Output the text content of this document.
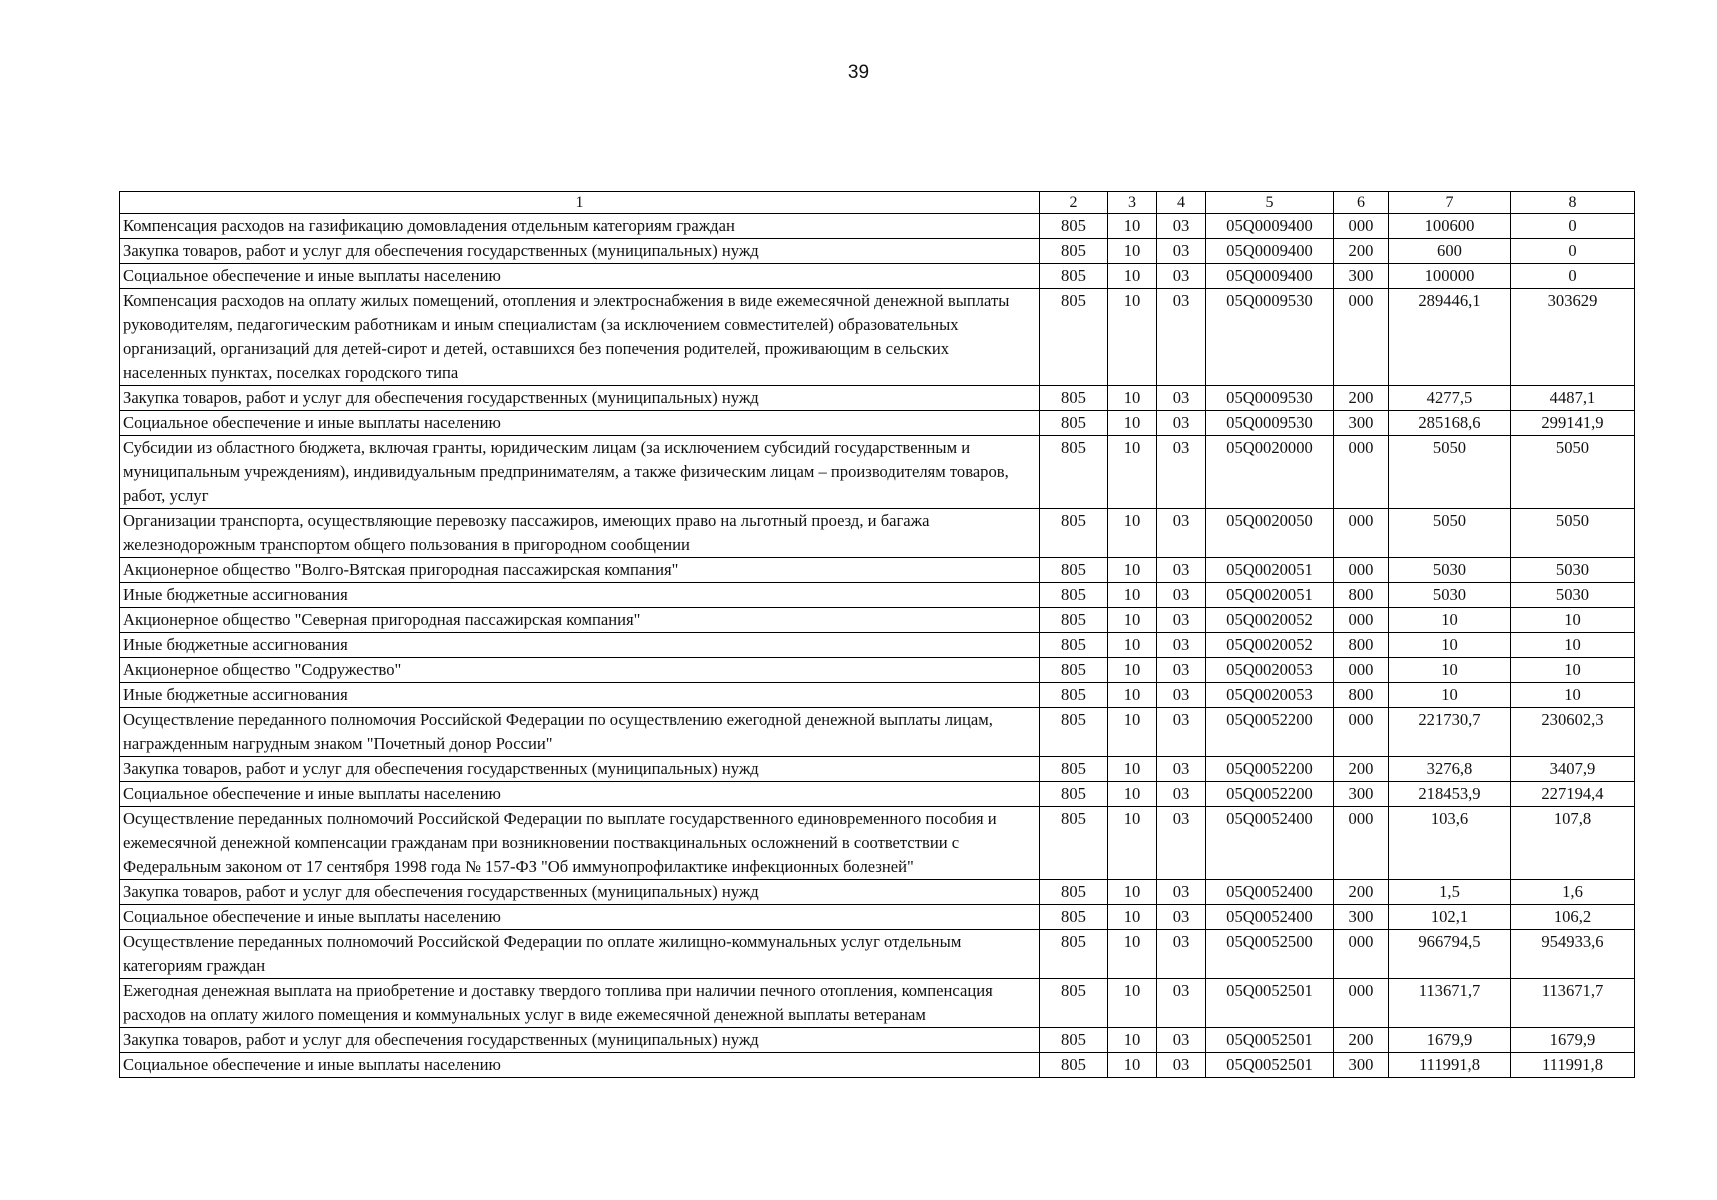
39
1	2	3	4	5	6	7	8
Компенсация расходов на газификацию домовладения отдельным категориям граждан	805	10	03	05Q0009400	000	100600	0
Закупка товаров, работ и услуг для обеспечения государственных (муниципальных) нужд	805	10	03	05Q0009400	200	600	0
Социальное обеспечение и иные выплаты населению	805	10	03	05Q0009400	300	100000	0
Компенсация расходов на оплату жилых помещений, отопления и электроснабжения в виде ежемесячной денежной выплаты руководителям, педагогическим работникам и иным специалистам (за исключением совместителей) образовательных организаций, организаций для детей-сирот и детей, оставшихся без попечения родителей, проживающим в сельских населенных пунктах, поселках городского типа	805	10	03	05Q0009530	000	289446,1	303629
Закупка товаров, работ и услуг для обеспечения государственных (муниципальных) нужд	805	10	03	05Q0009530	200	4277,5	4487,1
Социальное обеспечение и иные выплаты населению	805	10	03	05Q0009530	300	285168,6	299141,9
Субсидии из областного бюджета, включая гранты, юридическим лицам (за исключением субсидий государственным и муниципальным учреждениям), индивидуальным предпринимателям, а также физическим лицам – производителям товаров, работ, услуг	805	10	03	05Q0020000	000	5050	5050
Организации транспорта, осуществляющие перевозку пассажиров, имеющих право на льготный проезд, и багажа железнодорожным транспортом общего пользования в пригородном сообщении	805	10	03	05Q0020050	000	5050	5050
Акционерное общество "Волго-Вятская пригородная пассажирская компания"	805	10	03	05Q0020051	000	5030	5030
Иные бюджетные ассигнования	805	10	03	05Q0020051	800	5030	5030
Акционерное общество "Северная пригородная пассажирская компания"	805	10	03	05Q0020052	000	10	10
Иные бюджетные ассигнования	805	10	03	05Q0020052	800	10	10
Акционерное общество "Содружество"	805	10	03	05Q0020053	000	10	10
Иные бюджетные ассигнования	805	10	03	05Q0020053	800	10	10
Осуществление переданного полномочия Российской Федерации по осуществлению ежегодной денежной выплаты лицам, награжденным нагрудным знаком "Почетный донор России"	805	10	03	05Q0052200	000	221730,7	230602,3
Закупка товаров, работ и услуг для обеспечения государственных (муниципальных) нужд	805	10	03	05Q0052200	200	3276,8	3407,9
Социальное обеспечение и иные выплаты населению	805	10	03	05Q0052200	300	218453,9	227194,4
Осуществление переданных полномочий Российской Федерации по выплате государственного единовременного пособия и ежемесячной денежной компенсации гражданам при возникновении поствакцинальных осложнений в соответствии с Федеральным законом от 17 сентября 1998 года № 157-ФЗ "Об иммунопрофилактике инфекционных болезней"	805	10	03	05Q0052400	000	103,6	107,8
Закупка товаров, работ и услуг для обеспечения государственных (муниципальных) нужд	805	10	03	05Q0052400	200	1,5	1,6
Социальное обеспечение и иные выплаты населению	805	10	03	05Q0052400	300	102,1	106,2
Осуществление переданных полномочий Российской Федерации по оплате жилищно-коммунальных услуг отдельным категориям граждан	805	10	03	05Q0052500	000	966794,5	954933,6
Ежегодная денежная выплата на приобретение и доставку твердого топлива при наличии печного отопления, компенсация расходов на оплату жилого помещения и коммунальных услуг в виде ежемесячной денежной выплаты ветеранам	805	10	03	05Q0052501	000	113671,7	113671,7
Закупка товаров, работ и услуг для обеспечения государственных (муниципальных) нужд	805	10	03	05Q0052501	200	1679,9	1679,9
Социальное обеспечение и иные выплаты населению	805	10	03	05Q0052501	300	111991,8	111991,8
